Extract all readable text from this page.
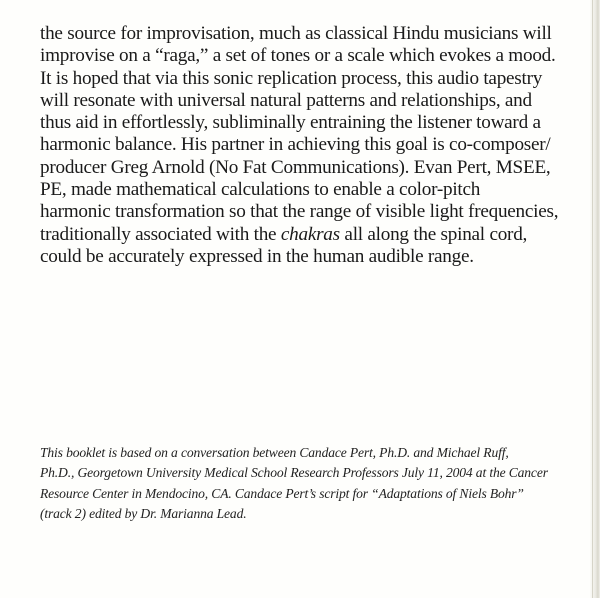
the source for improvisation, much as classical Hindu musicians will
improvise on a “raga,” a set of tones or a scale which evokes a mood.
It is hoped that via this sonic replication process, this audio tapestry
will resonate with universal natural patterns and relationships, and
thus aid in effortlessly, subliminally entraining the listener toward a
harmonic balance. His partner in achieving this goal is co-composer/
producer Greg Arnold (No Fat Communications). Evan Pert, MSEE,
PE, made mathematical calculations to enable a color-pitch
harmonic transformation so that the range of visible light frequencies,
traditionally associated with the chakras all along the spinal cord,
could be accurately expressed in the human audible range.

This booklet is based on a conversation between Candace Pert, Ph.D. and Michael Ruff,
Ph.D., Georgetown University Medical School Research Professors July 11, 2004 at the Cancer
Resource Center in Mendocino, CA. Candace Pert’s script for “Adaptations of Niels Bohr”
(track 2) edited by Dr. Marianna Lead.
